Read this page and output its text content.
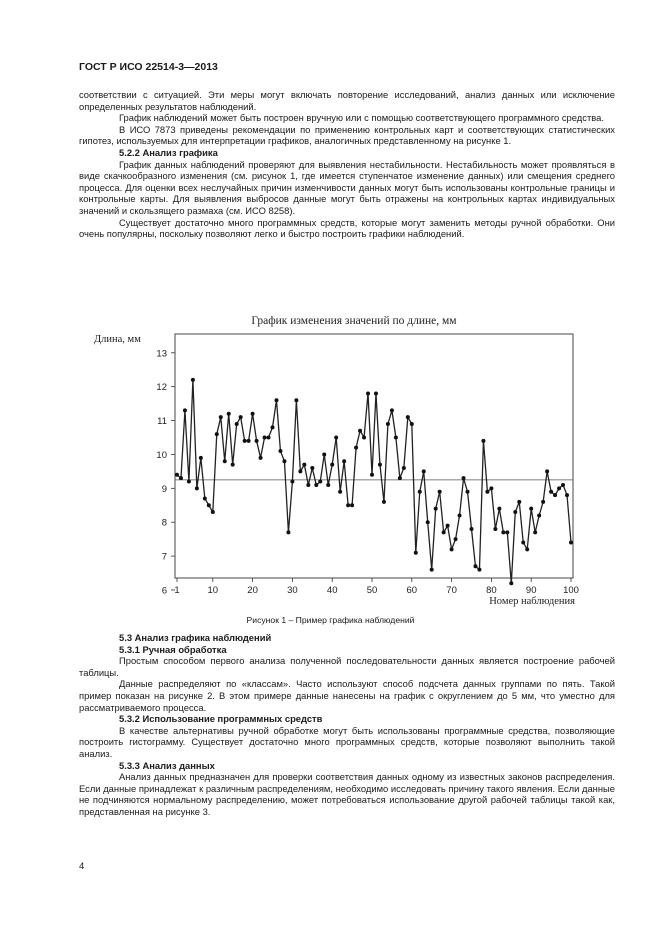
ГОСТ Р ИСО 22514-3—2013
соответствии с ситуацией. Эти меры могут включать повторение исследований, анализ данных или исключение определенных результатов наблюдений.
График наблюдений может быть построен вручную или с помощью соответствующего программного средства.
В ИСО 7873 приведены рекомендации по применению контрольных карт и соответствующих статистических гипотез, используемых для интерпретации графиков, аналогичных представленному на рисунке 1.
5.2.2 Анализ графика
График данных наблюдений проверяют для выявления нестабильности. Нестабильность может проявляться в виде скачкообразного изменения (см. рисунок 1, где имеется ступенчатое изменение данных) или смещения среднего процесса. Для оценки всех неслучайных причин изменчивости данных могут быть использованы контрольные границы и контрольные карты. Для выявления выбросов данные могут быть отражены на контрольных картах индивидуальных значений и скользящего размаха (см. ИСО 8258).
Существует достаточно много программных средств, которые могут заменить методы ручной обработки. Они очень популярны, поскольку позволяют легко и быстро построить графики наблюдений.
График изменения значений по длине, мм
Длина, мм
Номер наблюдения
6
7
8
9
10
11
12
13
1	10	20	30	40	50	60	70	80	90	100
Рисунок 1 – Пример графика наблюдений
5.3 Анализ графика наблюдений
5.3.1 Ручная обработка
Простым способом первого анализа полученной последовательности данных является построение рабочей таблицы.
Данные распределяют по «классам». Часто используют способ подсчета данных группами по пять. Такой пример показан на рисунке 2. В этом примере данные нанесены на график с округлением до 5 мм, что уместно для рассматриваемого процесса.
5.3.2 Использование программных средств
В качестве альтернативы ручной обработке могут быть использованы программные средства, позволяющие построить гистограмму. Существует достаточно много программных средств, которые позволяют выполнить такой анализ.
5.3.3 Анализ данных
Анализ данных предназначен для проверки соответствия данных одному из известных законов распределения. Если данные принадлежат к различным распределениям, необходимо исследовать причину такого явления. Если данные не подчиняются нормальному распределению, может потребоваться использование другой рабочей таблицы такой как, представленная на рисунке 3.
4
